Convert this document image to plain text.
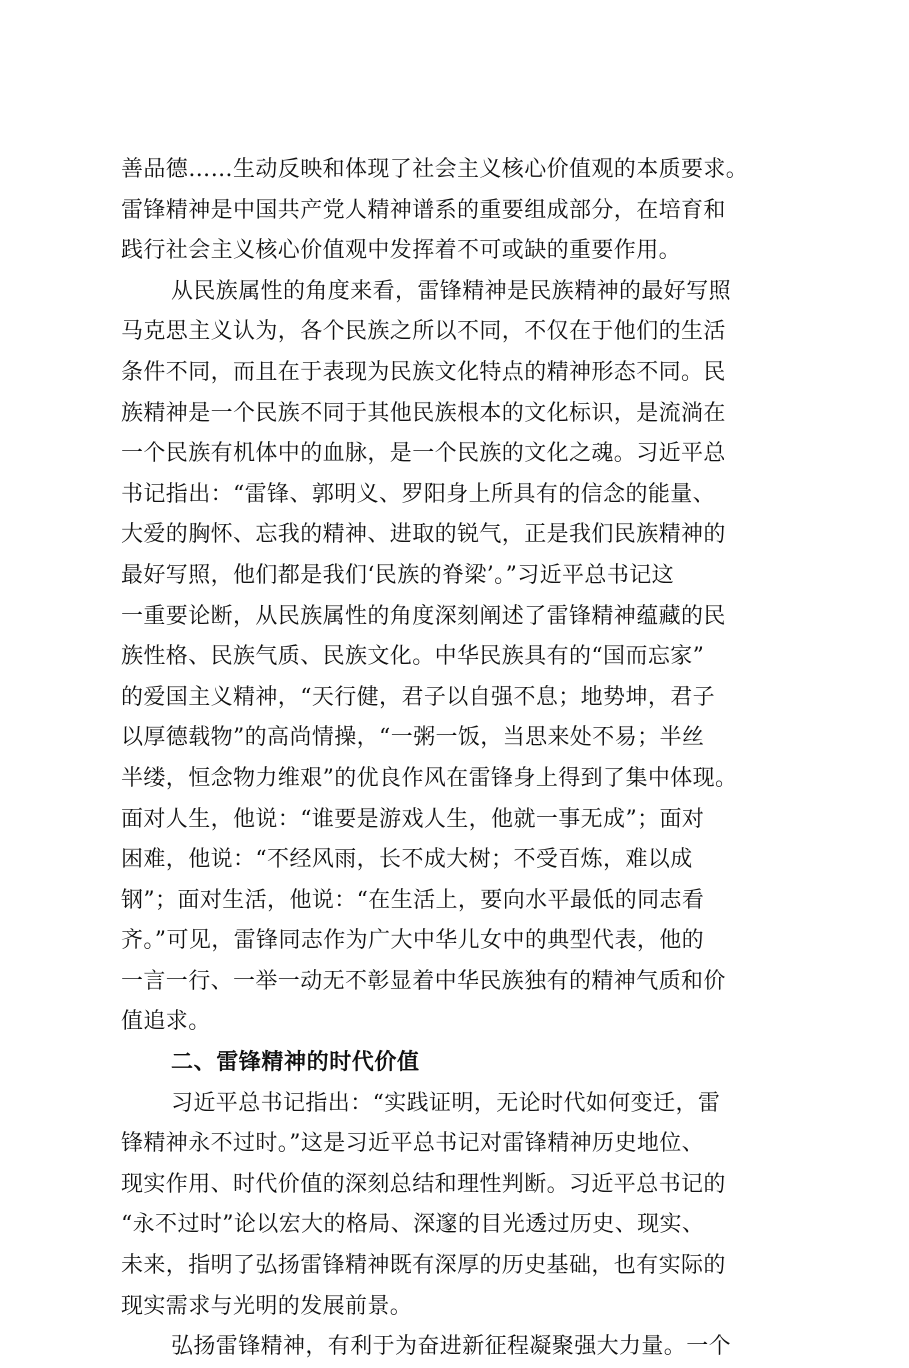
善品德……生动反映和体现了社会主义核心价值观的本质要求。
雷锋精神是中国共产党人精神谱系的重要组成部分，在培育和
践行社会主义核心价值观中发挥着不可或缺的重要作用。
从民族属性的角度来看，雷锋精神是民族精神的最好写照
马克思主义认为，各个民族之所以不同，不仅在于他们的生活
条件不同，而且在于表现为民族文化特点的精神形态不同。民
族精神是一个民族不同于其他民族根本的文化标识，是流淌在
一个民族有机体中的血脉，是一个民族的文化之魂。习近平总
书记指出：“雷锋、郭明义、罗阳身上所具有的信念的能量、
大爱的胸怀、忘我的精神、进取的锐气，正是我们民族精神的
最好写照，他们都是我们‘民族的脊梁’。”习近平总书记这
一重要论断，从民族属性的角度深刻阐述了雷锋精神蕴藏的民
族性格、民族气质、民族文化。中华民族具有的“国而忘家”
的爱国主义精神，“天行健，君子以自强不息；地势坤，君子
以厚德载物”的高尚情操，“一粥一饭，当思来处不易；半丝
半缕，恒念物力维艰”的优良作风在雷锋身上得到了集中体现。
面对人生，他说：“谁要是游戏人生，他就一事无成”；面对
困难，他说：“不经风雨，长不成大树；不受百炼，难以成
钢”；面对生活，他说：“在生活上，要向水平最低的同志看
齐。”可见，雷锋同志作为广大中华儿女中的典型代表，他的
一言一行、一举一动无不彰显着中华民族独有的精神气质和价
值追求。
二、雷锋精神的时代价值
习近平总书记指出：“实践证明，无论时代如何变迁，雷
锋精神永不过时。”这是习近平总书记对雷锋精神历史地位、
现实作用、时代价值的深刻总结和理性判断。习近平总书记的
“永不过时”论以宏大的格局、深邃的目光透过历史、现实、
未来，指明了弘扬雷锋精神既有深厚的历史基础，也有实际的
现实需求与光明的发展前景。
弘扬雷锋精神，有利于为奋进新征程凝聚强大力量。一个
